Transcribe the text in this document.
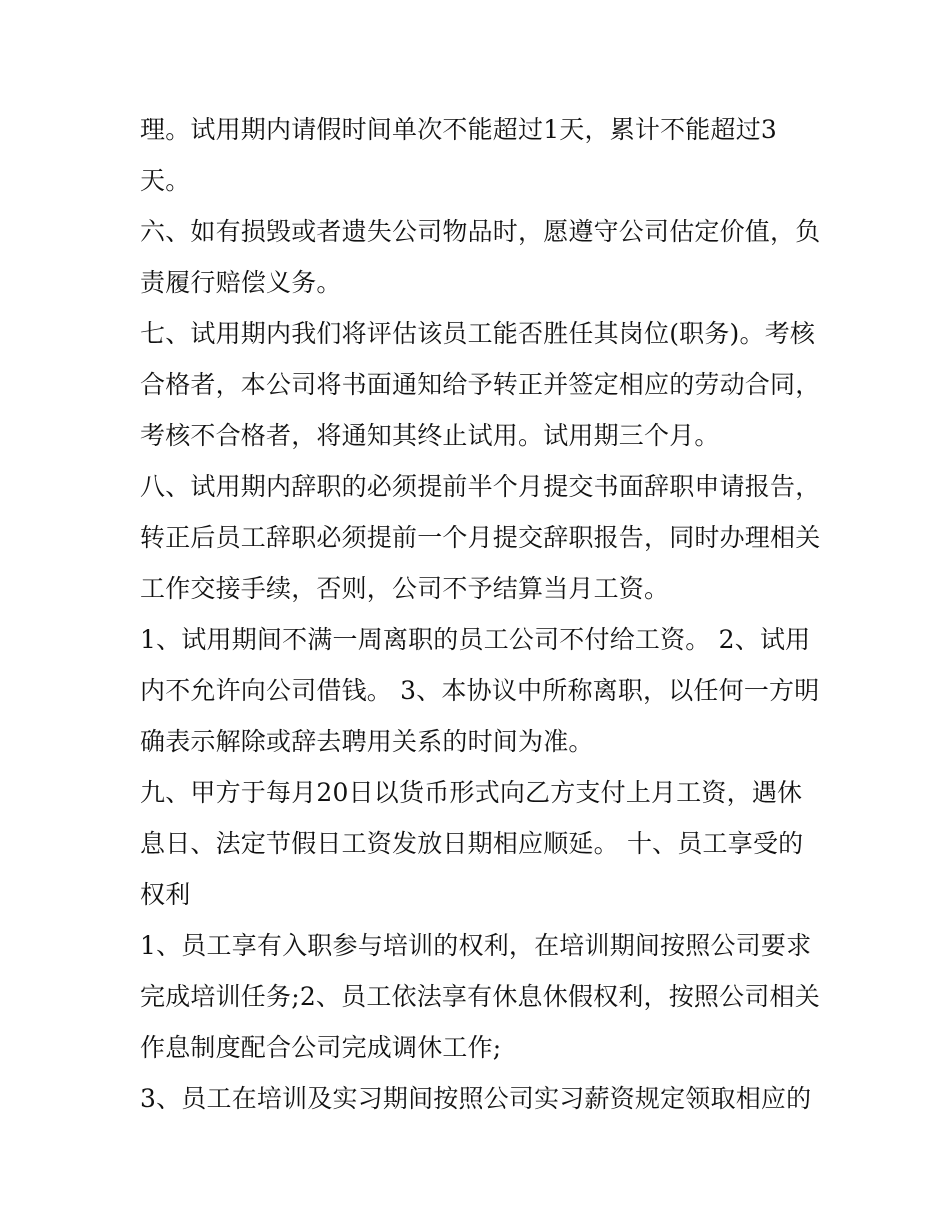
理。试用期内请假时间单次不能超过1天，累计不能超过3
天。
六、如有损毁或者遗失公司物品时，愿遵守公司估定价值，负
责履行赔偿义务。
七、试用期内我们将评估该员工能否胜任其岗位(职务)。考核
合格者，本公司将书面通知给予转正并签定相应的劳动合同，
考核不合格者，将通知其终止试用。试用期三个月。
八、试用期内辞职的必须提前半个月提交书面辞职申请报告，
转正后员工辞职必须提前一个月提交辞职报告，同时办理相关
工作交接手续，否则，公司不予结算当月工资。
1、试用期间不满一周离职的员工公司不付给工资。 2、试用
内不允许向公司借钱。 3、本协议中所称离职，以任何一方明
确表示解除或辞去聘用关系的时间为准。
九、甲方于每月20日以货币形式向乙方支付上月工资，遇休
息日、法定节假日工资发放日期相应顺延。 十、员工享受的
权利
1、员工享有入职参与培训的权利，在培训期间按照公司要求
完成培训任务;2、员工依法享有休息休假权利，按照公司相关
作息制度配合公司完成调休工作;
3、员工在培训及实习期间按照公司实习薪资规定领取相应的
